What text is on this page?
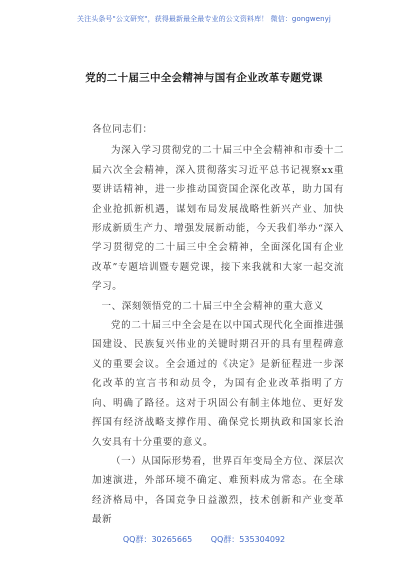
关注头条号"公文研究"，获得最新最全最专业的公文资料库！ 微信：gongwenyj
党的二十届三中全会精神与国有企业改革专题党课

各位同志们：

为深入学习贯彻党的二十届三中全会精神和市委十二届六次全会精神，深入贯彻落实习近平总书记视察xx重要讲话精神，进一步推动国资国企深化改革，助力国有企业抢抓新机遇，谋划布局发展战略性新兴产业、加快形成新质生产力、增强发展新动能，今天我们举办“深入学习贯彻党的二十届三中全会精神，全面深化国有企业改革”专题培训暨专题党课，接下来我就和大家一起交流学习。

一、深刻领悟党的二十届三中全会精神的重大意义

党的二十届三中全会是在以中国式现代化全面推进强国建设、民族复兴伟业的关键时期召开的具有里程碑意义的重要会议。全会通过的《决定》是新征程进一步深化改革的宣言书和动员令，为国有企业改革指明了方向、明确了路径。这对于巩固公有制主体地位、更好发挥国有经济战略支撑作用、确保党长期执政和国家长治久安具有十分重要的意义。

（一）从国际形势看，世界百年变局全方位、深层次加速演进，外部环境不确定、难预料成为常态。在全球经济格局中，各国竞争日益激烈，技术创新和产业变革最新

QQ群：30265665 QQ群：535304092
